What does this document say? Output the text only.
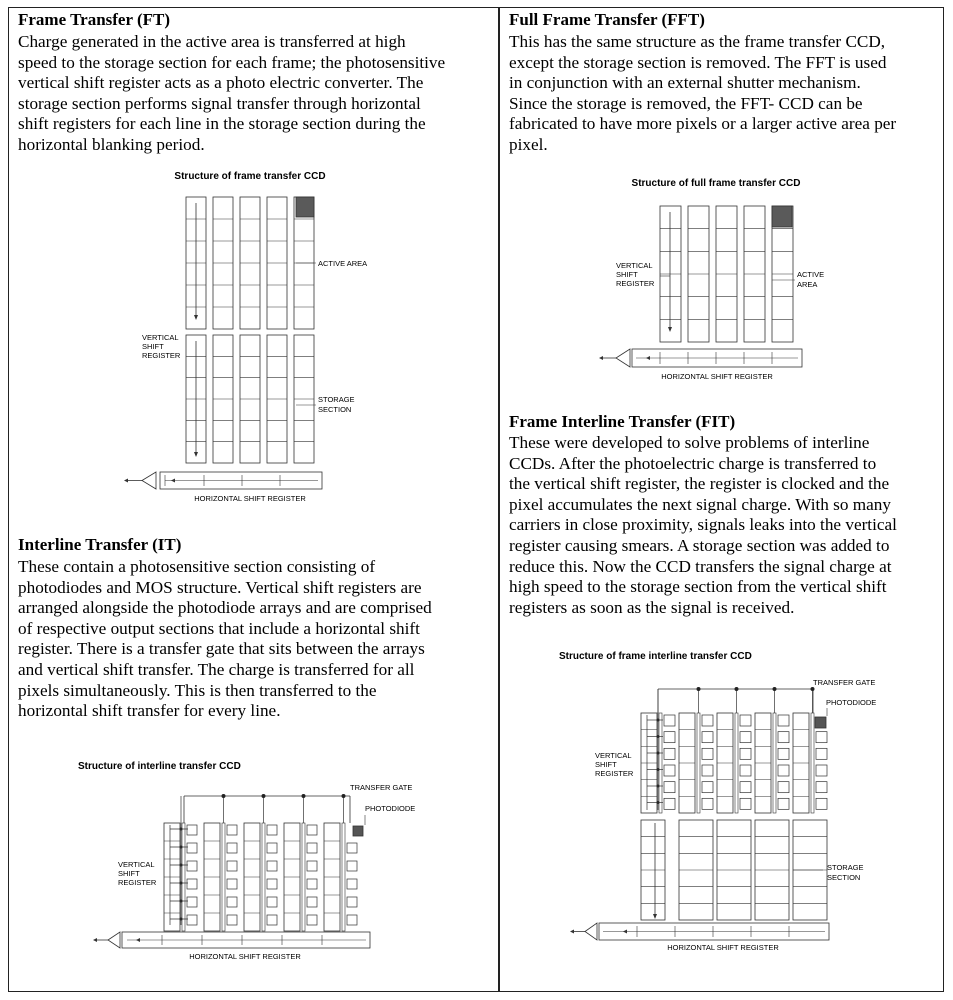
Frame Transfer (FT)
Charge generated in the active area is transferred at high
speed to the storage section for each frame; the photosensitive
vertical shift register acts as a photo electric converter. The
storage section performs signal transfer through horizontal
shift registers for each line in the storage section during the
horizontal blanking period.
Structure of frame transfer CCD
ACTIVE AREA
STORAGE
SECTION
VERTICAL
SHIFT
REGISTER
HORIZONTAL SHIFT REGISTER
Interline Transfer (IT)
These contain a photosensitive section consisting of
photodiodes and MOS structure. Vertical shift registers are
arranged alongside the photodiode arrays and are comprised
of respective output sections that include a horizontal shift
register. There is a transfer gate that sits between the arrays
and vertical shift transfer. The charge is transferred for all
pixels simultaneously. This is then transferred to the
horizontal shift transfer for every line.
Structure of interline transfer CCD
TRANSFER GATE
PHOTODIODE
VERTICAL
SHIFT
REGISTER
HORIZONTAL SHIFT REGISTER
Full Frame Transfer (FFT)
This has the same structure as the frame transfer CCD,
except the storage section is removed. The FFT is used
in conjunction with an external shutter mechanism.
Since the storage is removed, the FFT- CCD can be
fabricated to have more pixels or a larger active area per
pixel.
Structure of full frame transfer CCD
VERTICAL
SHIFT
REGISTER
ACTIVE
AREA
HORIZONTAL SHIFT REGISTER
Frame Interline Transfer (FIT)
These were developed to solve problems of interline
CCDs. After the photoelectric charge is transferred to
the vertical shift register, the register is clocked and the
pixel accumulates the next signal charge. With so many
carriers in close proximity, signals leaks into the vertical
register causing smears. A storage section was added to
reduce this. Now the CCD transfers the signal charge at
high speed to the storage section from the vertical shift
registers as soon as the signal is received.
Structure of frame interline transfer CCD
TRANSFER GATE
PHOTODIODE
VERTICAL
SHIFT
REGISTER
STORAGE
SECTION
HORIZONTAL SHIFT REGISTER
